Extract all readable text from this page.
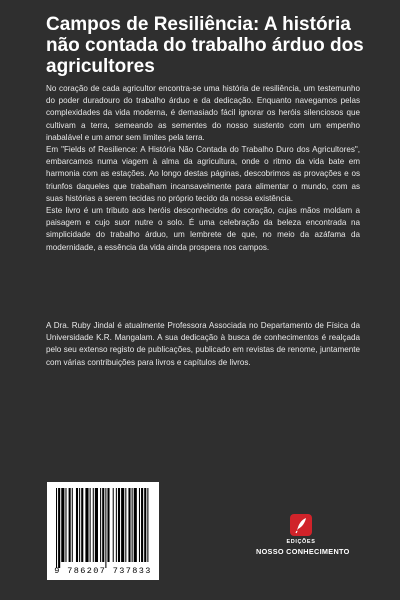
Campos de Resiliência: A história não contada do trabalho árduo dos agricultores

No coração de cada agricultor encontra-se uma história de resiliência, um testemunho do poder duradouro do trabalho árduo e da dedicação. Enquanto navegamos pelas complexidades da vida moderna, é demasiado fácil ignorar os heróis silenciosos que cultivam a terra, semeando as sementes do nosso sustento com um empenho inabalável e um amor sem limites pela terra.

Em "Fields of Resilience: A História Não Contada do Trabalho Duro dos Agricultores", embarcamos numa viagem à alma da agricultura, onde o ritmo da vida bate em harmonia com as estações. Ao longo destas páginas, descobrimos as provações e os triunfos daqueles que trabalham incansavelmente para alimentar o mundo, com as suas histórias a serem tecidas no próprio tecido da nossa existência.

Este livro é um tributo aos heróis desconhecidos do coração, cujas mãos moldam a paisagem e cujo suor nutre o solo. É uma celebração da beleza encontrada na simplicidade do trabalho árduo, um lembrete de que, no meio da azáfama da modernidade, a essência da vida ainda prospera nos campos.

A Dra. Ruby Jindal é atualmente Professora Associada no Departamento de Física da Universidade K.R. Mangalam. A sua dedicação à busca de conhecimentos é realçada pelo seu extenso registo de publicações, publicado em revistas de renome, juntamente com várias contribuições para livros e capítulos de livros.

9 786207 737833
EDIÇÕES
NOSSO CONHECIMENTO
